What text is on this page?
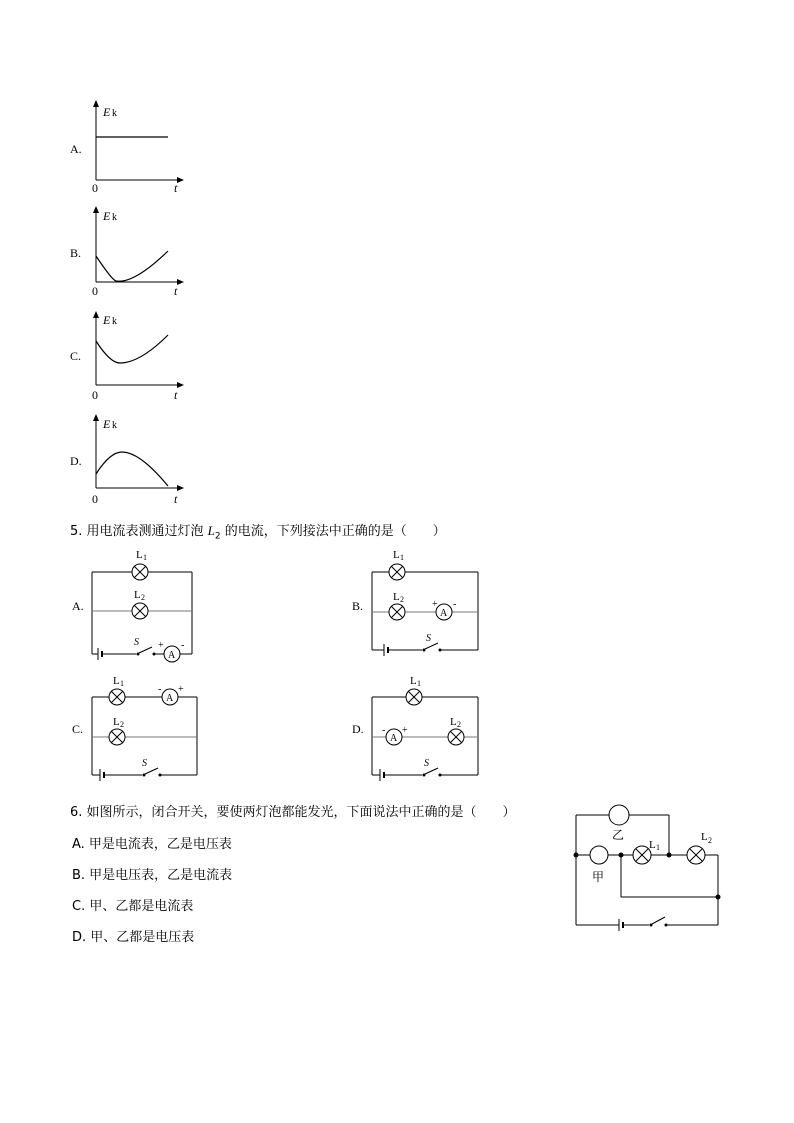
A.
E k
0	t
B.
E k
0	t
C.
E k
0	t
D.
E k
0	t
5. 用电流表测通过灯泡 $L_2$ 的电流，下列接法中正确的是（　　）
A.
A
+ -
S
L 1
L 2
B.
A
+ -
L 1
L 2
S
C.
A
- +
L 1
L 2
S
D.
A
- +
L 1
L 2
S
6. 如图所示，闭合开关，要使两灯泡都能发光，下面说法中正确的是（　　）
A. 甲是电流表，乙是电压表
B. 甲是电压表，乙是电流表
C. 甲、乙都是电流表
D. 甲、乙都是电压表
乙
甲
L 1
L 2
